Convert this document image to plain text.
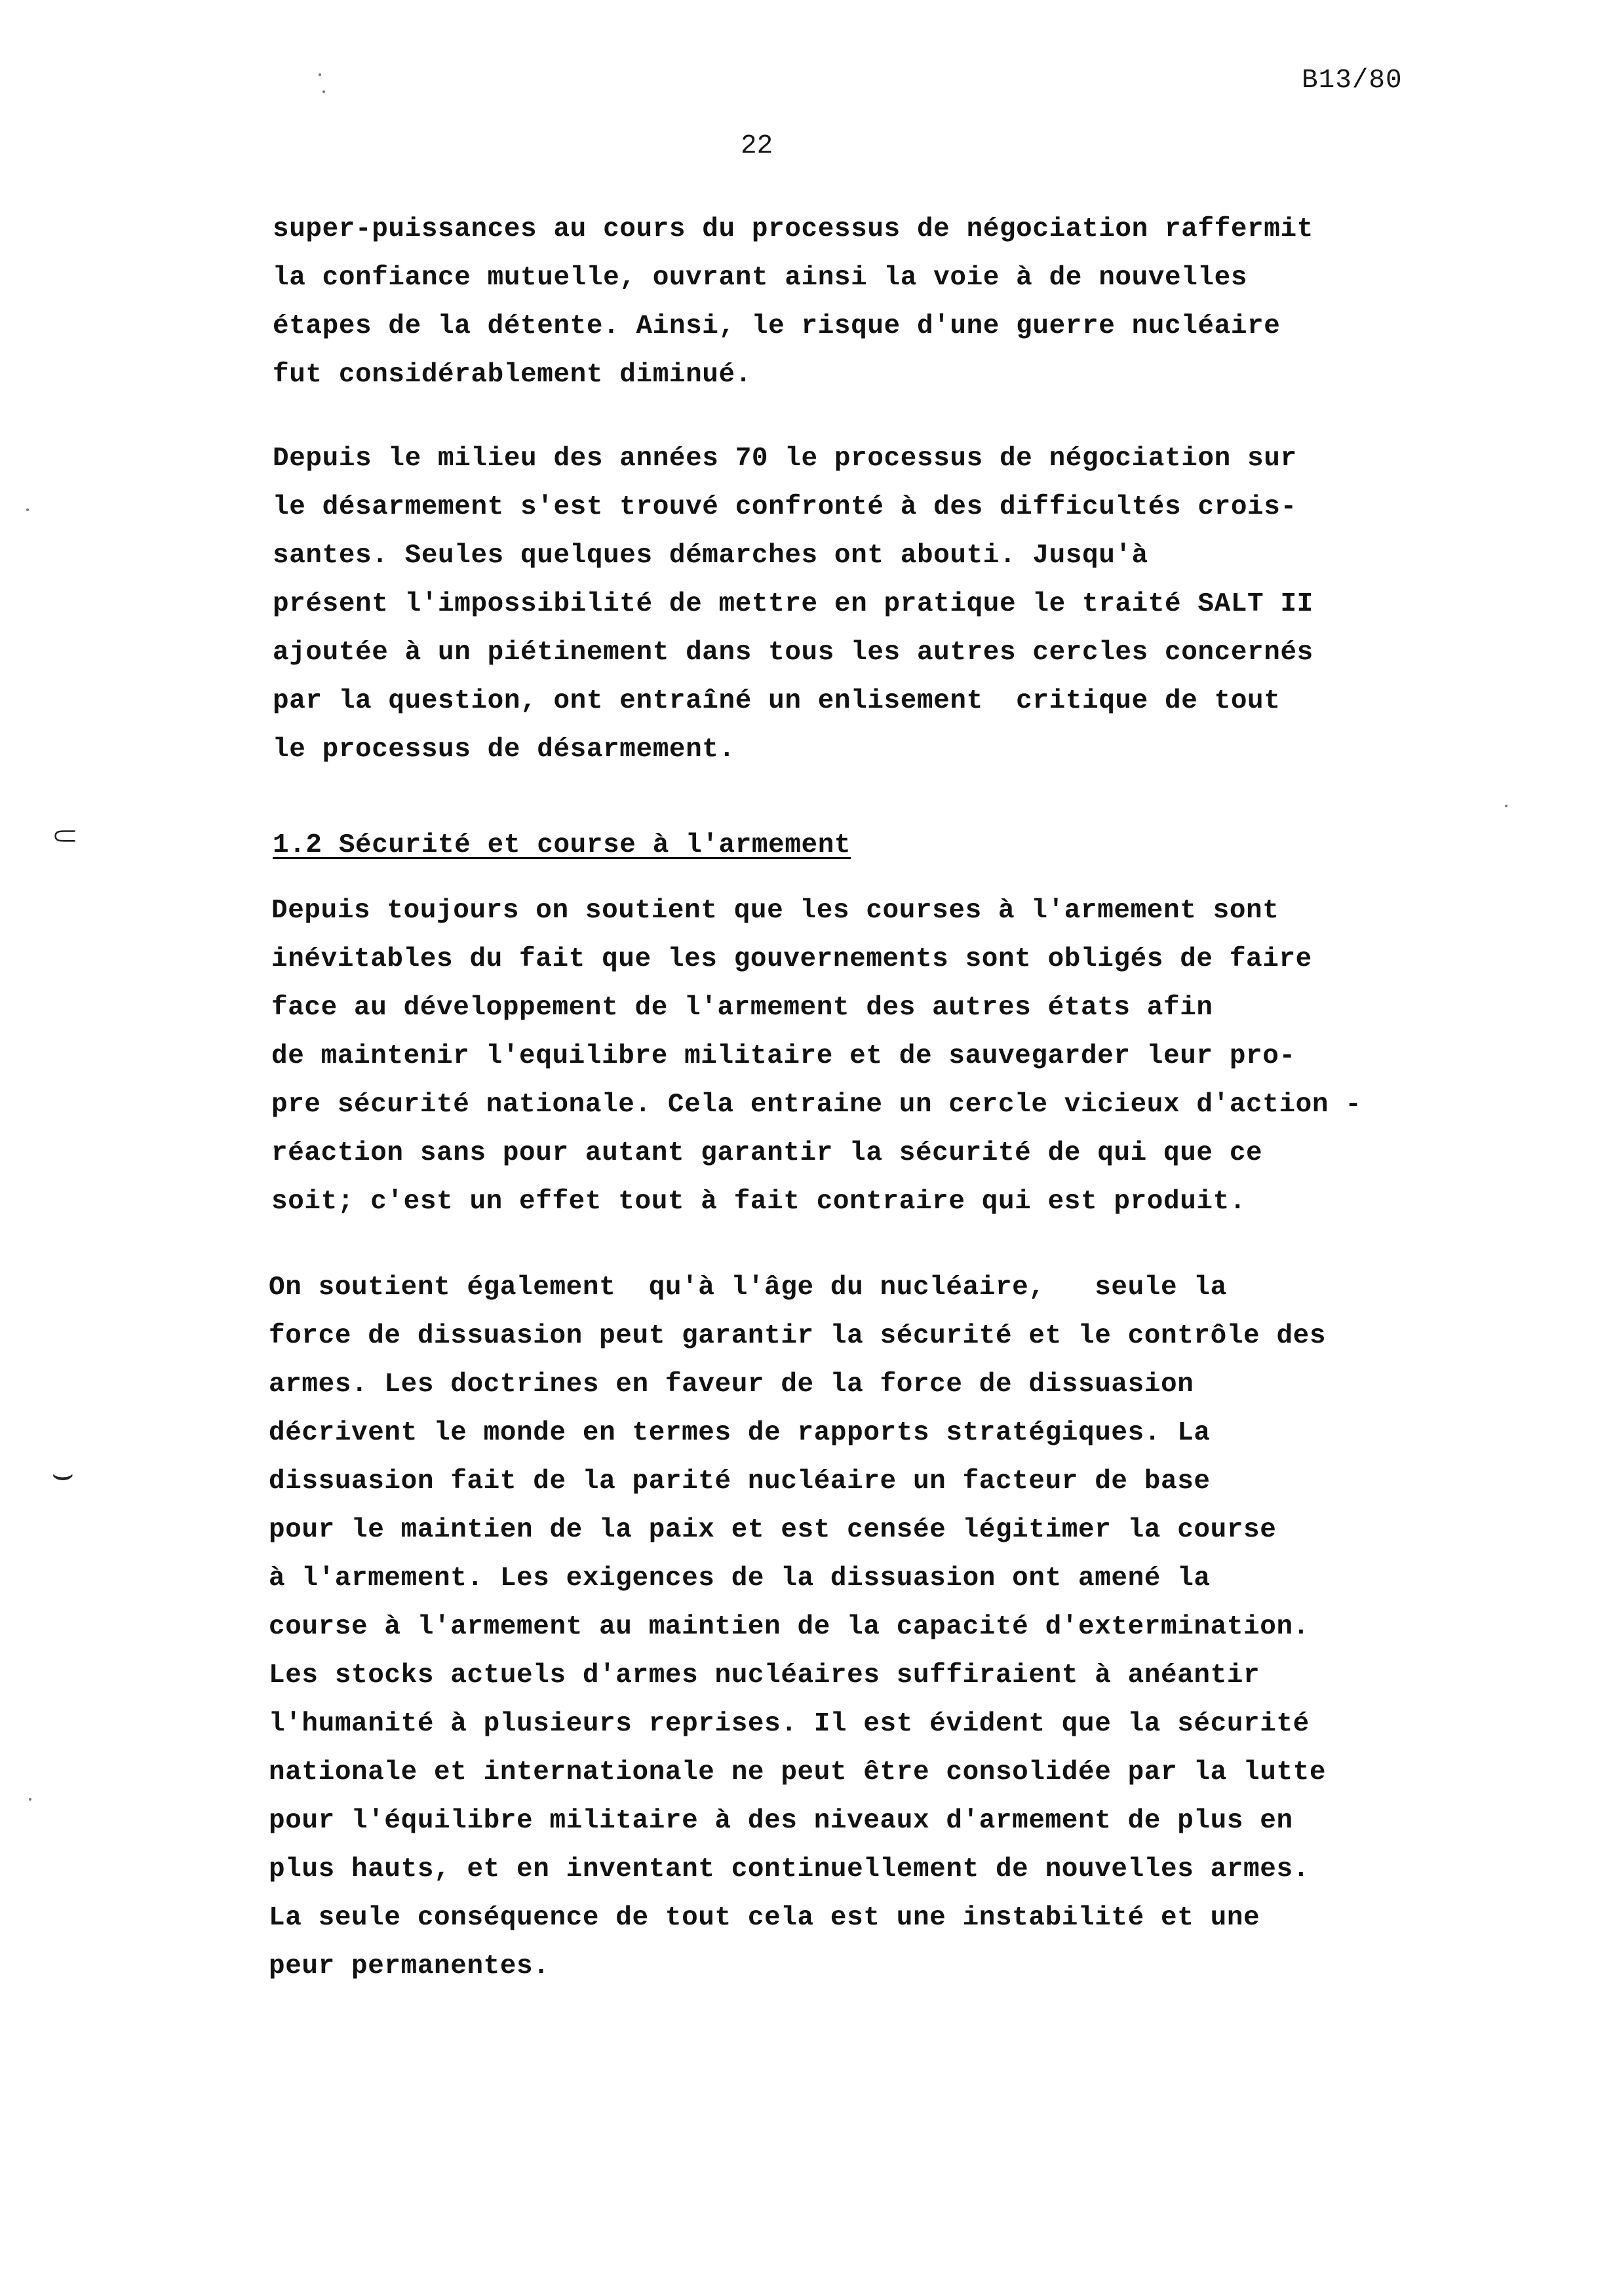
B13/80
22
⸦
⌣
super-puissances au cours du processus de négociation raffermit
la confiance mutuelle, ouvrant ainsi la voie à de nouvelles
étapes de la détente. Ainsi, le risque d'une guerre nucléaire
fut considérablement diminué.
Depuis le milieu des années 70 le processus de négociation sur
le désarmement s'est trouvé confronté à des difficultés crois-
santes. Seules quelques démarches ont abouti. Jusqu'à
présent l'impossibilité de mettre en pratique le traité SALT II
ajoutée à un piétinement dans tous les autres cercles concernés
par la question, ont entraîné un enlisement  critique de tout
le processus de désarmement.
1.2 Sécurité et course à l'armement
Depuis toujours on soutient que les courses à l'armement sont
inévitables du fait que les gouvernements sont obligés de faire
face au développement de l'armement des autres états afin
de maintenir l'equilibre militaire et de sauvegarder leur pro-
pre sécurité nationale. Cela entraine un cercle vicieux d'action -
réaction sans pour autant garantir la sécurité de qui que ce
soit; c'est un effet tout à fait contraire qui est produit.
On soutient également  qu'à l'âge du nucléaire,   seule la
force de dissuasion peut garantir la sécurité et le contrôle des
armes. Les doctrines en faveur de la force de dissuasion
décrivent le monde en termes de rapports stratégiques. La
dissuasion fait de la parité nucléaire un facteur de base
pour le maintien de la paix et est censée légitimer la course
à l'armement. Les exigences de la dissuasion ont amené la
course à l'armement au maintien de la capacité d'extermination.
Les stocks actuels d'armes nucléaires suffiraient à anéantir
l'humanité à plusieurs reprises. Il est évident que la sécurité
nationale et internationale ne peut être consolidée par la lutte
pour l'équilibre militaire à des niveaux d'armement de plus en
plus hauts, et en inventant continuellement de nouvelles armes.
La seule conséquence de tout cela est une instabilité et une
peur permanentes.
